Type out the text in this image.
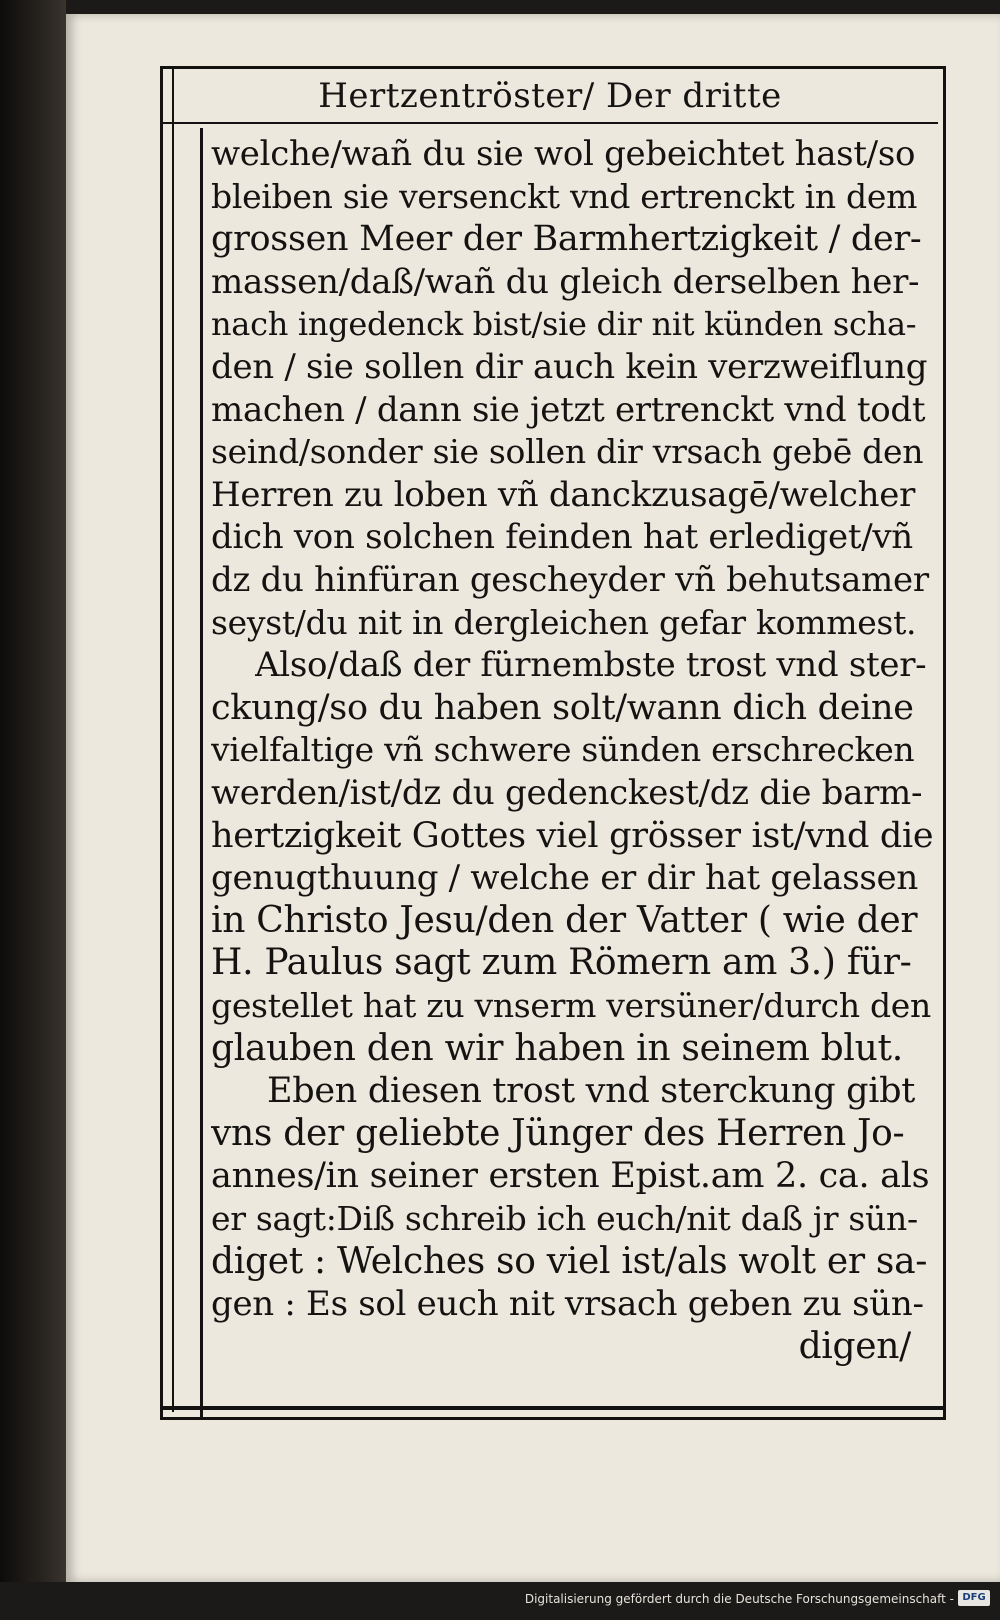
Hertzentröster/ Der dritte
welche/wañ du sie wol gebeichtet hast/so
bleiben sie versenckt vnd ertrenckt in dem
grossen Meer der Barmhertzigkeit / der-
massen/daß/wañ du gleich derselben her-
nach ingedenck bist/sie dir nit künden scha-
den / sie sollen dir auch kein verzweiflung
machen / dann sie jetzt ertrenckt vnd todt
seind/sonder sie sollen dir vrsach gebē den
Herren zu loben vñ danckzusagē/welcher
dich von solchen feinden hat erlediget/vñ
dz du hinfüran gescheyder vñ behutsamer
seyst/du nit in dergleichen gefar kommest.
Also/daß der fürnembste trost vnd ster-
ckung/so du haben solt/wann dich deine
vielfaltige vñ schwere sünden erschrecken
werden/ist/dz du gedenckest/dz die barm-
hertzigkeit Gottes viel grösser ist/vnd die
genugthuung / welche er dir hat gelassen
in Christo Jesu/den der Vatter ( wie der
H. Paulus sagt zum Römern am 3.) für-
gestellet hat zu vnserm versüner/durch den
glauben den wir haben in seinem blut.
Eben diesen trost vnd sterckung gibt
vns der geliebte Jünger des Herren Jo-
annes/in seiner ersten Epist.am 2. ca. als
er sagt:Diß schreib ich euch/nit daß jr sün-
diget : Welches so viel ist/als wolt er sa-
gen : Es sol euch nit vrsach geben zu sün-
digen/
Digitalisierung gefördert durch die Deutsche Forschungsgemeinschaft - DFG
